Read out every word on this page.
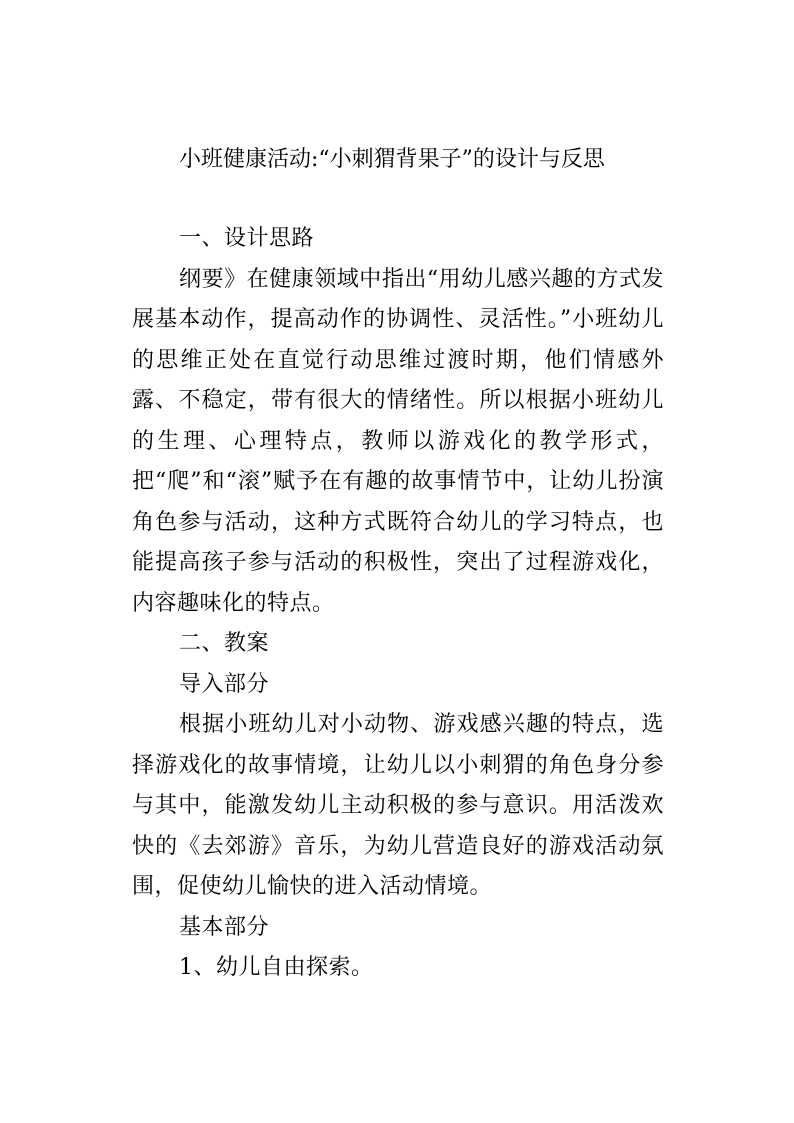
小班健康活动:“小刺猬背果子”的设计与反思

一、设计思路

纲要》在健康领域中指出“用幼儿感兴趣的方式发展基本动作，提高动作的协调性、灵活性。”小班幼儿的思维正处在直觉行动思维过渡时期，他们情感外露、不稳定，带有很大的情绪性。所以根据小班幼儿的生理、心理特点，教师以游戏化的教学形式，把“爬”和“滚”赋予在有趣的故事情节中，让幼儿扮演角色参与活动，这种方式既符合幼儿的学习特点，也能提高孩子参与活动的积极性，突出了过程游戏化，内容趣味化的特点。

二、教案

导入部分

根据小班幼儿对小动物、游戏感兴趣的特点，选择游戏化的故事情境，让幼儿以小刺猬的角色身分参与其中，能激发幼儿主动积极的参与意识。用活泼欢快的《去郊游》音乐，为幼儿营造良好的游戏活动氛围，促使幼儿愉快的进入活动情境。

基本部分

1、幼儿自由探索。
